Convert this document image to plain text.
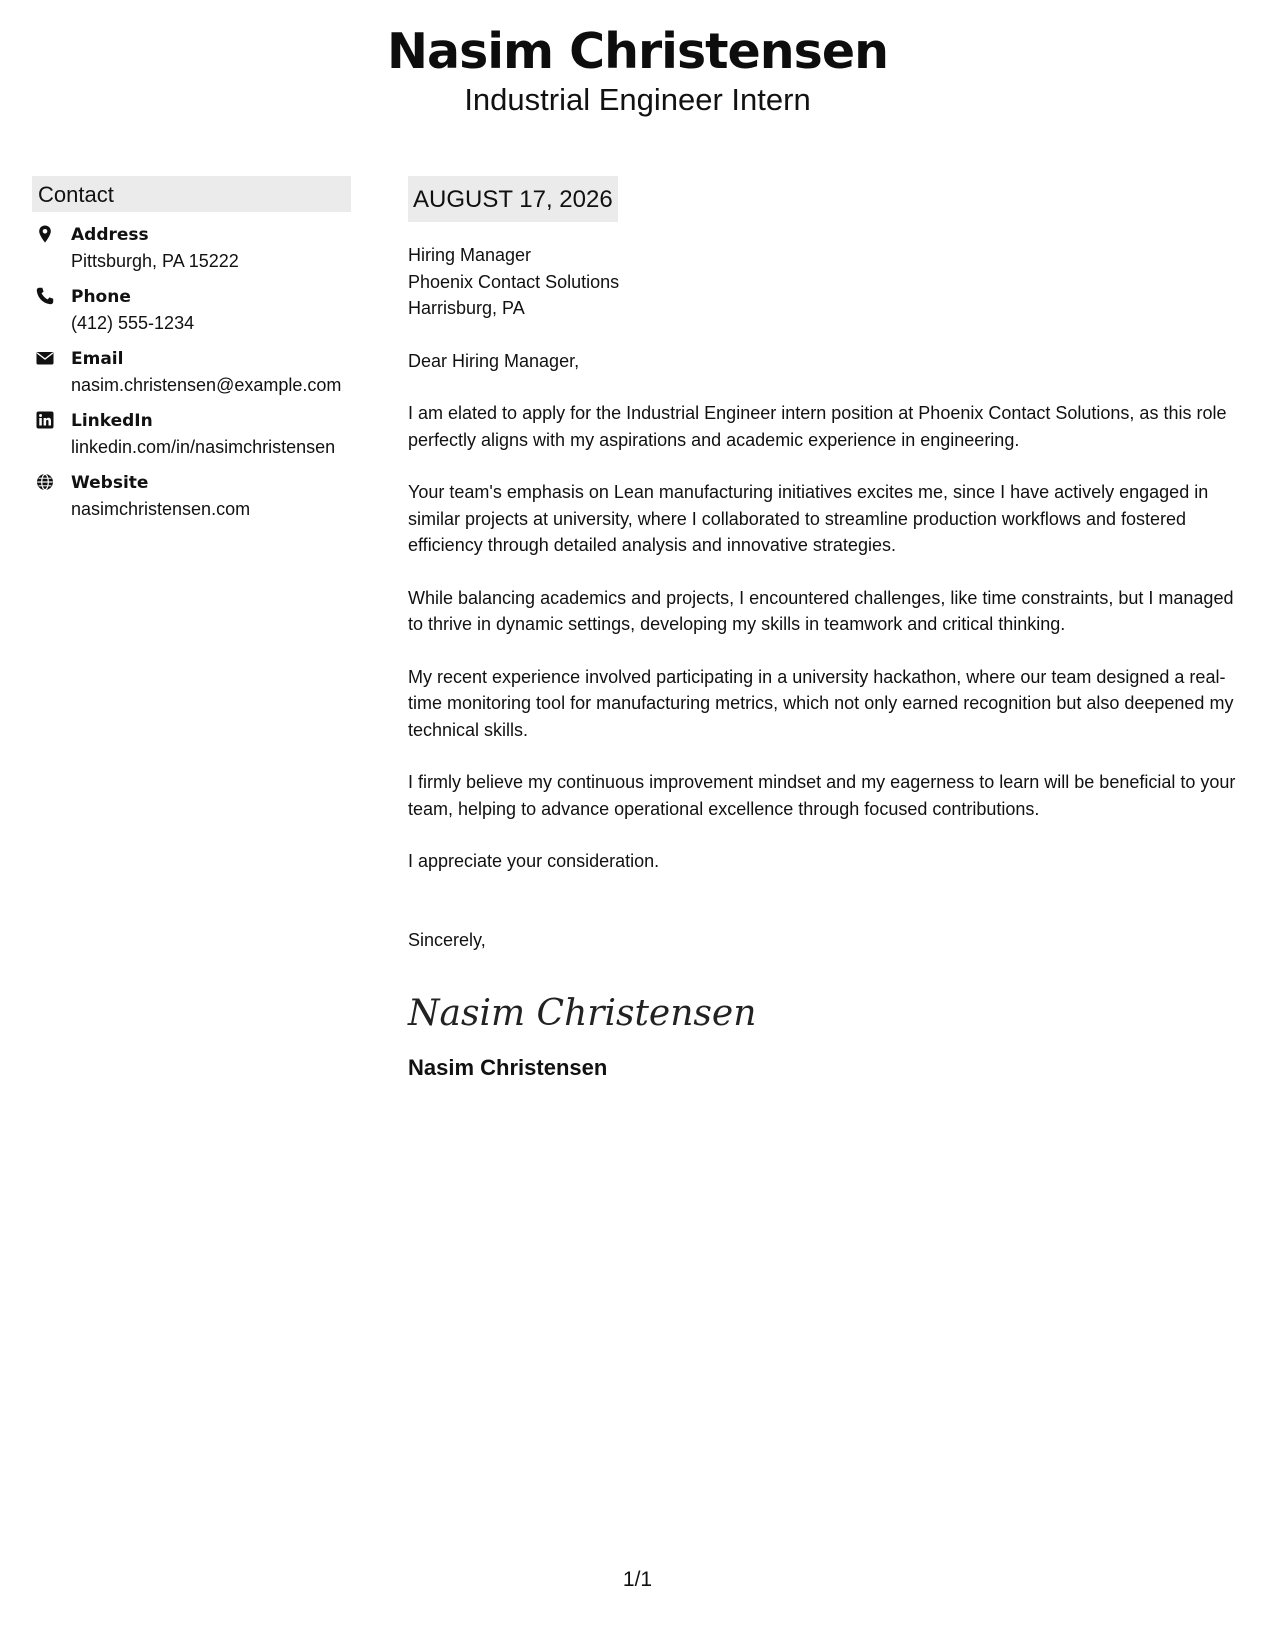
Nasim Christensen
Industrial Engineer Intern
Contact
Address
Pittsburgh, PA 15222
Phone
(412) 555-1234
Email
nasim.christensen@example.com
LinkedIn
linkedin.com/in/nasimchristensen
Website
nasimchristensen.com
AUGUST 17, 2026
Hiring Manager
Phoenix Contact Solutions
Harrisburg, PA

Dear Hiring Manager,

I am elated to apply for the Industrial Engineer intern position at Phoenix Contact Solutions, as this role perfectly aligns with my aspirations and academic experience in engineering.

Your team's emphasis on Lean manufacturing initiatives excites me, since I have actively engaged in similar projects at university, where I collaborated to streamline production workflows and fostered efficiency through detailed analysis and innovative strategies.

While balancing academics and projects, I encountered challenges, like time constraints, but I managed to thrive in dynamic settings, developing my skills in teamwork and critical thinking.

My recent experience involved participating in a university hackathon, where our team designed a real-time monitoring tool for manufacturing metrics, which not only earned recognition but also deepened my technical skills.

I firmly believe my continuous improvement mindset and my eagerness to learn will be beneficial to your team, helping to advance operational excellence through focused contributions.

I appreciate your consideration.

Sincerely,
Nasim Christensen
Nasim Christensen
1/1
